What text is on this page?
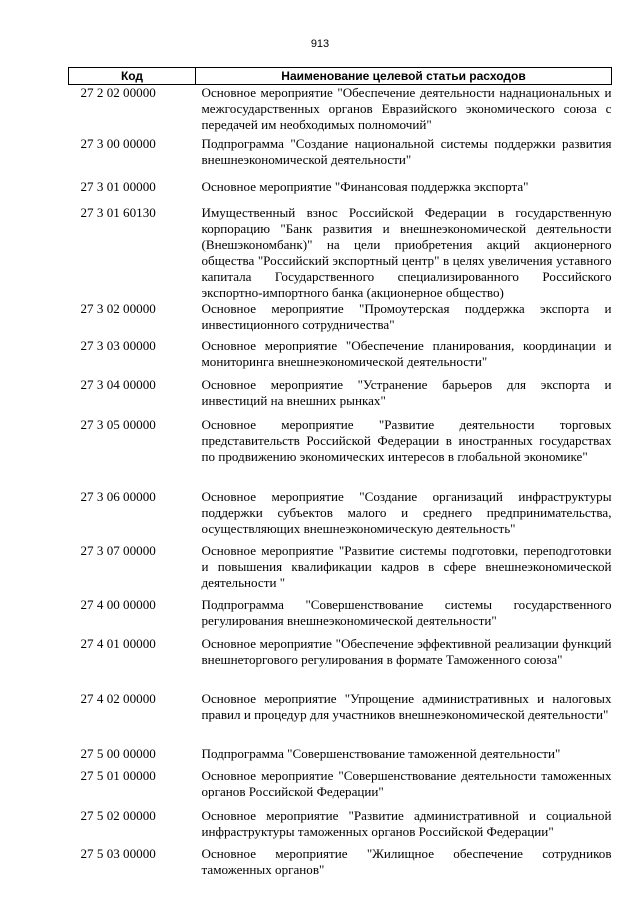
913
Код	Наименование целевой статьи расходов
27 2 02 00000	Основное мероприятие "Обеспечение деятельности наднациональных и межгосударственных органов Евразийского экономического союза с передачей им необходимых полномочий"
27 3 00 00000	Подпрограмма "Создание национальной системы поддержки развития внешнеэкономической деятельности"
27 3 01 00000	Основное мероприятие "Финансовая поддержка экспорта"
27 3 01 60130	Имущественный взнос Российской Федерации в государственную корпорацию "Банк развития и внешнеэкономической деятельности (Внешэкономбанк)" на цели приобретения акций акционерного общества "Российский экспортный центр" в целях увеличения уставного капитала Государственного специализированного Российского экспортно-импортного банка (акционерное общество)
27 3 02 00000	Основное мероприятие "Промоутерская поддержка экспорта и инвестиционного сотрудничества"
27 3 03 00000	Основное мероприятие "Обеспечение планирования, координации и мониторинга внешнеэкономической деятельности"
27 3 04 00000	Основное мероприятие "Устранение барьеров для экспорта и инвестиций на внешних рынках"
27 3 05 00000	Основное мероприятие "Развитие деятельности торговых представительств Российской Федерации в иностранных государствах по продвижению экономических интересов в глобальной экономике"
27 3 06 00000	Основное мероприятие "Создание организаций инфраструктуры поддержки субъектов малого и среднего предпринимательства, осуществляющих внешнеэкономическую деятельность"
27 3 07 00000	Основное мероприятие "Развитие системы подготовки, переподготовки и повышения квалификации кадров в сфере внешнеэкономической деятельности "
27 4 00 00000	Подпрограмма "Совершенствование системы государственного регулирования внешнеэкономической деятельности"
27 4 01 00000	Основное мероприятие "Обеспечение эффективной реализации функций внешнеторгового регулирования в формате Таможенного союза"
27 4 02 00000	Основное мероприятие "Упрощение административных и налоговых правил и процедур для участников внешнеэкономической деятельности"
27 5 00 00000	Подпрограмма "Совершенствование таможенной деятельности"
27 5 01 00000	Основное мероприятие "Совершенствование деятельности таможенных органов Российской Федерации"
27 5 02 00000	Основное мероприятие "Развитие административной и социальной инфраструктуры таможенных органов Российской Федерации"
27 5 03 00000	Основное мероприятие "Жилищное обеспечение сотрудников таможенных органов"
